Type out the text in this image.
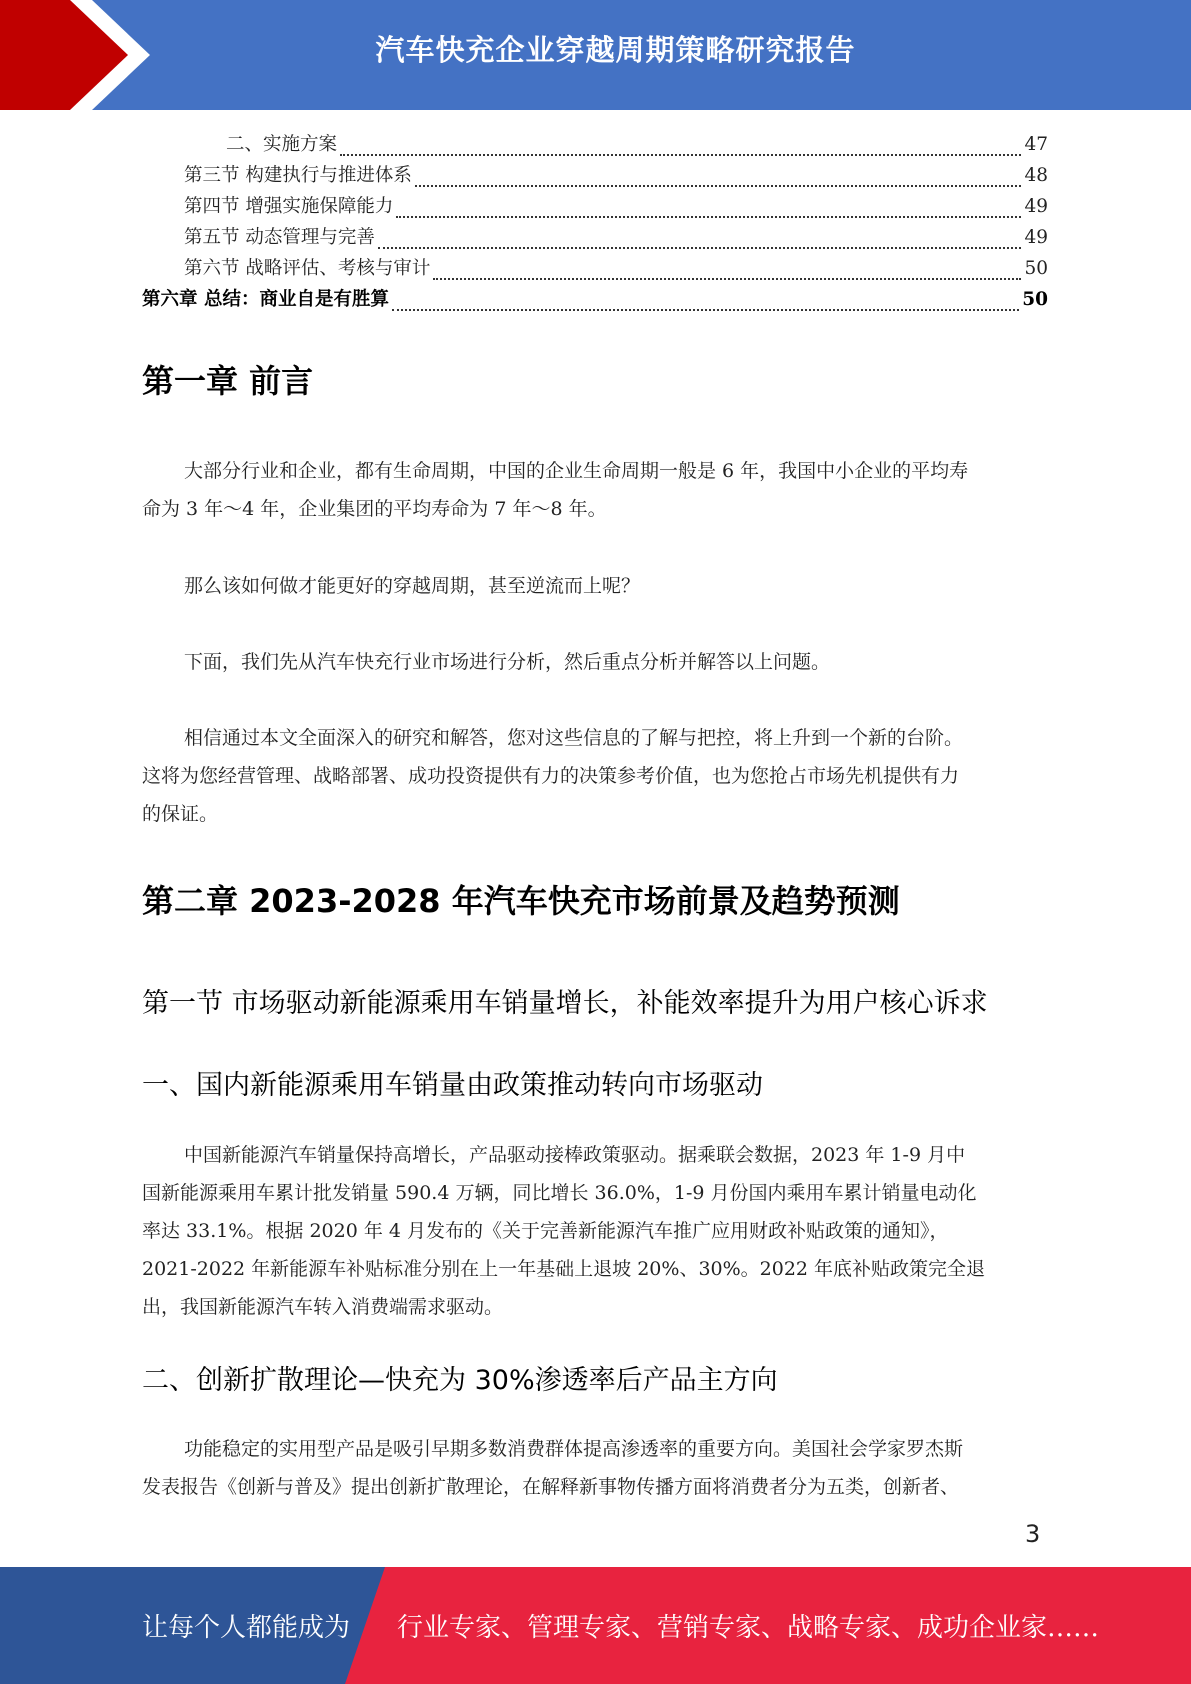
汽车快充企业穿越周期策略研究报告
二、实施方案	47
第三节 构建执行与推进体系	48
第四节 增强实施保障能力	49
第五节 动态管理与完善	49
第六节 战略评估、考核与审计	50
第六章 总结：商业自是有胜算	50
第一章 前言
大部分行业和企业，都有生命周期，中国的企业生命周期一般是 6 年，我国中小企业的平均寿
命为 3 年～4 年，企业集团的平均寿命为 7 年～8 年。
那么该如何做才能更好的穿越周期，甚至逆流而上呢？
下面，我们先从汽车快充行业市场进行分析，然后重点分析并解答以上问题。
相信通过本文全面深入的研究和解答，您对这些信息的了解与把控，将上升到一个新的台阶。
这将为您经营管理、战略部署、成功投资提供有力的决策参考价值，也为您抢占市场先机提供有力
的保证。
第二章 2023-2028 年汽车快充市场前景及趋势预测
第一节 市场驱动新能源乘用车销量增长，补能效率提升为用户核心诉求
一、国内新能源乘用车销量由政策推动转向市场驱动
中国新能源汽车销量保持高增长，产品驱动接棒政策驱动。据乘联会数据，2023 年 1-9 月中
国新能源乘用车累计批发销量 590.4 万辆，同比增长 36.0%，1-9 月份国内乘用车累计销量电动化
率达 33.1%。根据 2020 年 4 月发布的《关于完善新能源汽车推广应用财政补贴政策的通知》，
2021-2022 年新能源车补贴标准分别在上一年基础上退坡 20%、30%。2022 年底补贴政策完全退
出，我国新能源汽车转入消费端需求驱动。
二、创新扩散理论—快充为 30%渗透率后产品主方向
功能稳定的实用型产品是吸引早期多数消费群体提高渗透率的重要方向。美国社会学家罗杰斯
发表报告《创新与普及》提出创新扩散理论，在解释新事物传播方面将消费者分为五类，创新者、
3
让每个人都能成为 行业专家、管理专家、营销专家、战略专家、成功企业家……
